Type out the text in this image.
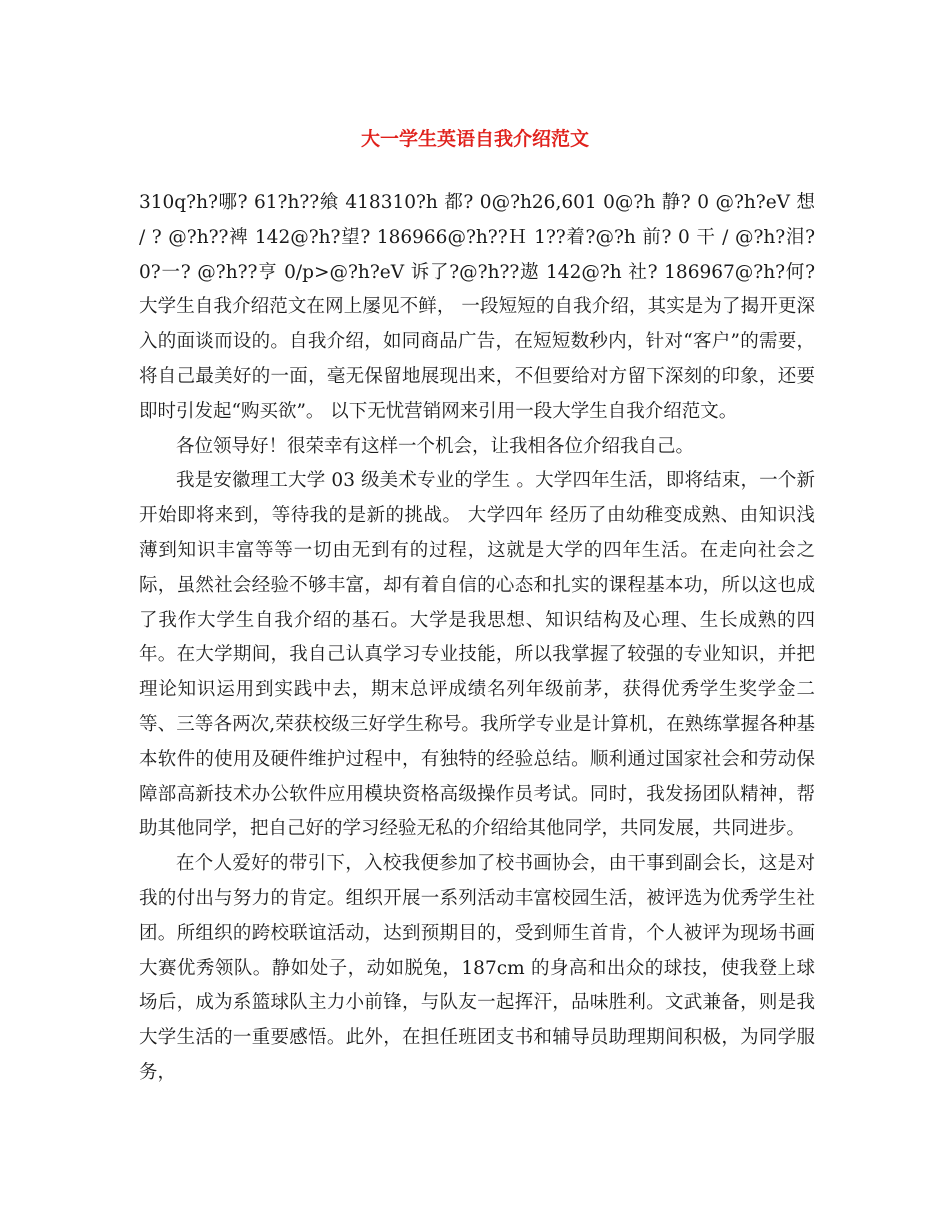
大一学生英语自我介绍范文

310q?h?哪? 61?h??飨 418310?h 都? 0@?h26,601 0@?h 静? 0 @?h?eV 想 / ? @?h??裨 142@?h?望? 186966@?h??Ｈ 1??着?@?h 前? 0 干 / @?h?泪? 0?一? @?h??亨 0/p>@?h?eV 诉了?@?h??遨 142@?h 社? 186967@?h?何? 大学生自我介绍范文在网上屡见不鲜， 一段短短的自我介绍，其实是为了揭开更深入的面谈而设的。自我介绍，如同商品广告，在短短数秒内，针对“客户”的需要，将自己最美好的一面，毫无保留地展现出来，不但要给对方留下深刻的印象，还要即时引发起“购买欲”。 以下无忧营销网来引用一段大学生自我介绍范文。

各位领导好！很荣幸有这样一个机会，让我相各位介绍我自己。

我是安徽理工大学 03 级美术专业的学生 。大学四年生活，即将结束，一个新开始即将来到，等待我的是新的挑战。 大学四年 经历了由幼稚变成熟、由知识浅薄到知识丰富等等一切由无到有的过程，这就是大学的四年生活。在走向社会之际，虽然社会经验不够丰富，却有着自信的心态和扎实的课程基本功，所以这也成了我作大学生自我介绍的基石。大学是我思想、知识结构及心理、生长成熟的四年。在大学期间，我自己认真学习专业技能，所以我掌握了较强的专业知识，并把理论知识运用到实践中去，期末总评成绩名列年级前茅，获得优秀学生奖学金二等、三等各两次,荣获校级三好学生称号。我所学专业是计算机，在熟练掌握各种基本软件的使用及硬件维护过程中，有独特的经验总结。顺利通过国家社会和劳动保障部高新技术办公软件应用模块资格高级操作员考试。同时，我发扬团队精神，帮助其他同学，把自己好的学习经验无私的介绍给其他同学，共同发展，共同进步。

在个人爱好的带引下，入校我便参加了校书画协会，由干事到副会长，这是对我的付出与努力的肯定。组织开展一系列活动丰富校园生活，被评选为优秀学生社团。所组织的跨校联谊活动，达到预期目的，受到师生首肯，个人被评为现场书画大赛优秀领队。静如处子，动如脱兔，187cm 的身高和出众的球技，使我登上球场后，成为系篮球队主力小前锋，与队友一起挥汗，品味胜利。文武兼备，则是我大学生活的一重要感悟。此外，在担任班团支书和辅导员助理期间积极，为同学服务，
